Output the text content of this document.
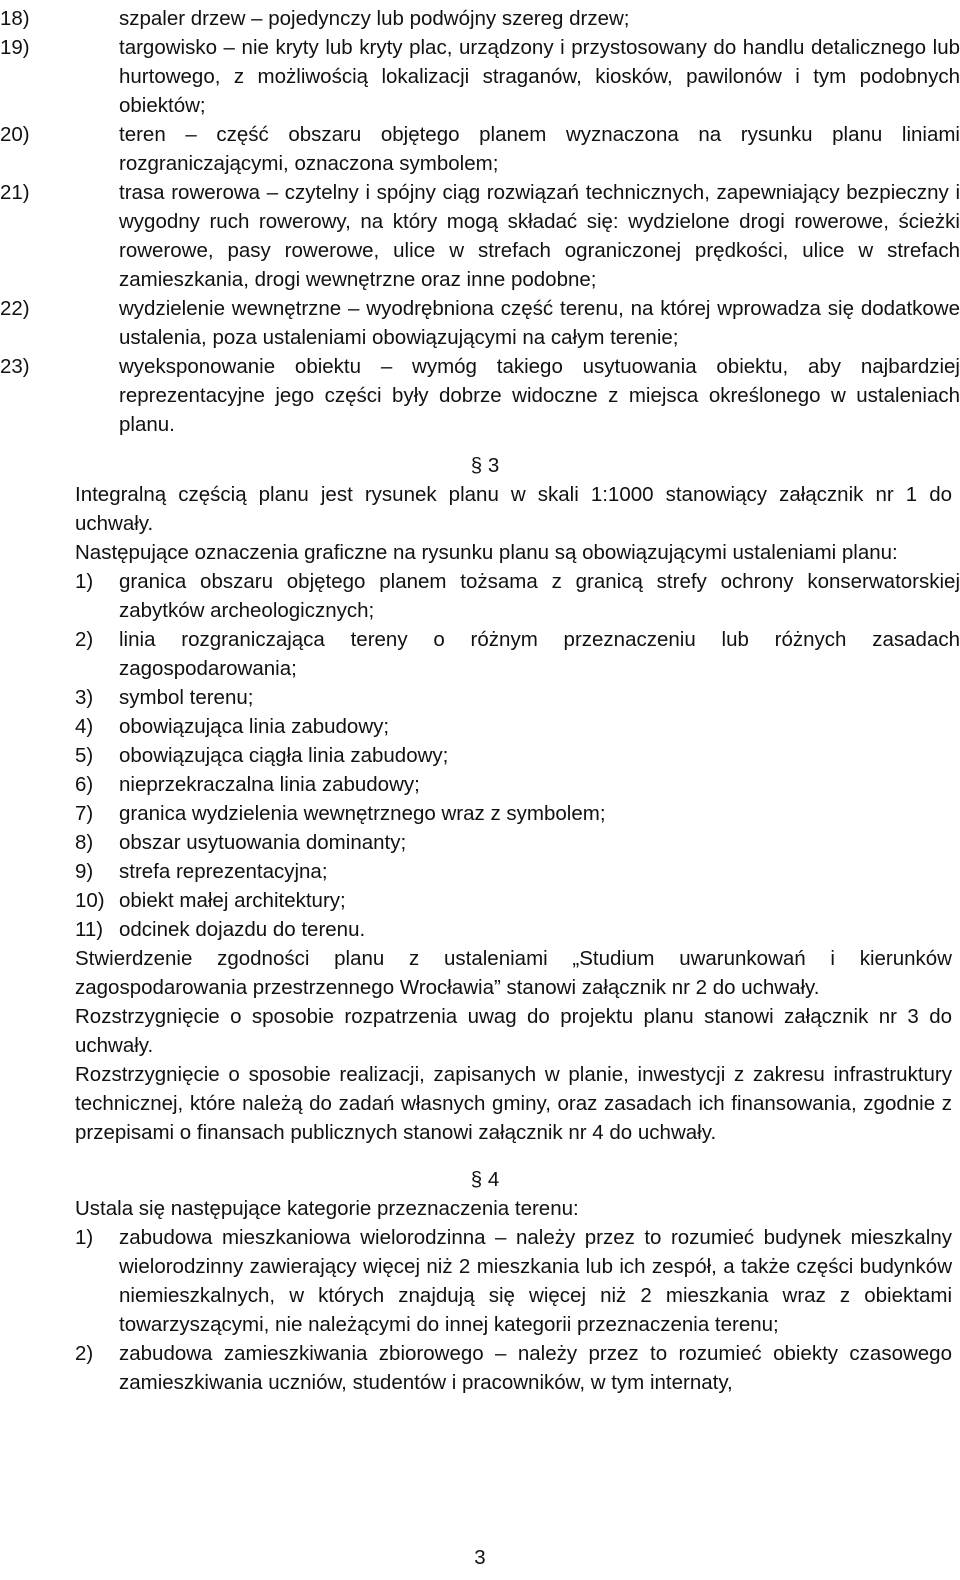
18)	szpaler drzew – pojedynczy lub podwójny szereg drzew;
19)	targowisko – nie kryty lub kryty plac, urządzony i przystosowany do handlu detalicznego lub hurtowego, z możliwością lokalizacji straganów, kiosków, pawilonów i tym podobnych obiektów;
20)	teren – część obszaru objętego planem wyznaczona na rysunku planu liniami rozgraniczającymi, oznaczona symbolem;
21)	trasa rowerowa – czytelny i spójny ciąg rozwiązań technicznych, zapewniający bezpieczny i wygodny ruch rowerowy, na który mogą składać się: wydzielone drogi rowerowe, ścieżki rowerowe, pasy rowerowe, ulice w strefach ograniczonej prędkości, ulice w strefach zamieszkania, drogi wewnętrzne oraz inne podobne;
22)	wydzielenie wewnętrzne – wyodrębniona część terenu, na której wprowadza się dodatkowe ustalenia, poza ustaleniami obowiązującymi na całym terenie;
23)	wyeksponowanie obiektu – wymóg takiego usytuowania obiektu, aby najbardziej reprezentacyjne jego części były dobrze widoczne z miejsca określonego w ustaleniach planu.
§ 3
Integralną częścią planu jest rysunek planu w skali 1:1000 stanowiący załącznik nr 1 do uchwały.
Następujące oznaczenia graficzne na rysunku planu są obowiązującymi ustaleniami planu:
1) granica obszaru objętego planem tożsama z granicą strefy ochrony konserwatorskiej zabytków archeologicznych;
2) linia rozgraniczająca tereny o różnym przeznaczeniu lub różnych zasadach zagospodarowania;
3) symbol terenu;
4) obowiązująca linia zabudowy;
5) obowiązująca ciągła linia zabudowy;
6) nieprzekraczalna linia zabudowy;
7) granica wydzielenia wewnętrznego wraz z symbolem;
8) obszar usytuowania dominanty;
9) strefa reprezentacyjna;
10) obiekt małej architektury;
11) odcinek dojazdu do terenu.
Stwierdzenie zgodności planu z ustaleniami „Studium uwarunkowań i kierunków zagospodarowania przestrzennego Wrocławia” stanowi załącznik nr 2 do uchwały.
Rozstrzygnięcie o sposobie rozpatrzenia uwag do projektu planu stanowi załącznik nr 3 do uchwały.
Rozstrzygnięcie o sposobie realizacji, zapisanych w planie, inwestycji z zakresu infrastruktury technicznej, które należą do zadań własnych gminy, oraz zasadach ich finansowania, zgodnie z przepisami o finansach publicznych stanowi załącznik nr 4 do uchwały.
§ 4
Ustala się następujące kategorie przeznaczenia terenu:
1) zabudowa mieszkaniowa wielorodzinna – należy przez to rozumieć budynek mieszkalny wielorodzinny zawierający więcej niż 2 mieszkania lub ich zespół, a także części budynków niemieszkalnych, w których znajdują się więcej niż 2 mieszkania wraz z obiektami towarzyszącymi, nie należącymi do innej kategorii przeznaczenia terenu;
2) zabudowa zamieszkiwania zbiorowego – należy przez to rozumieć obiekty czasowego zamieszkiwania uczniów, studentów i pracowników, w tym internaty,
3
